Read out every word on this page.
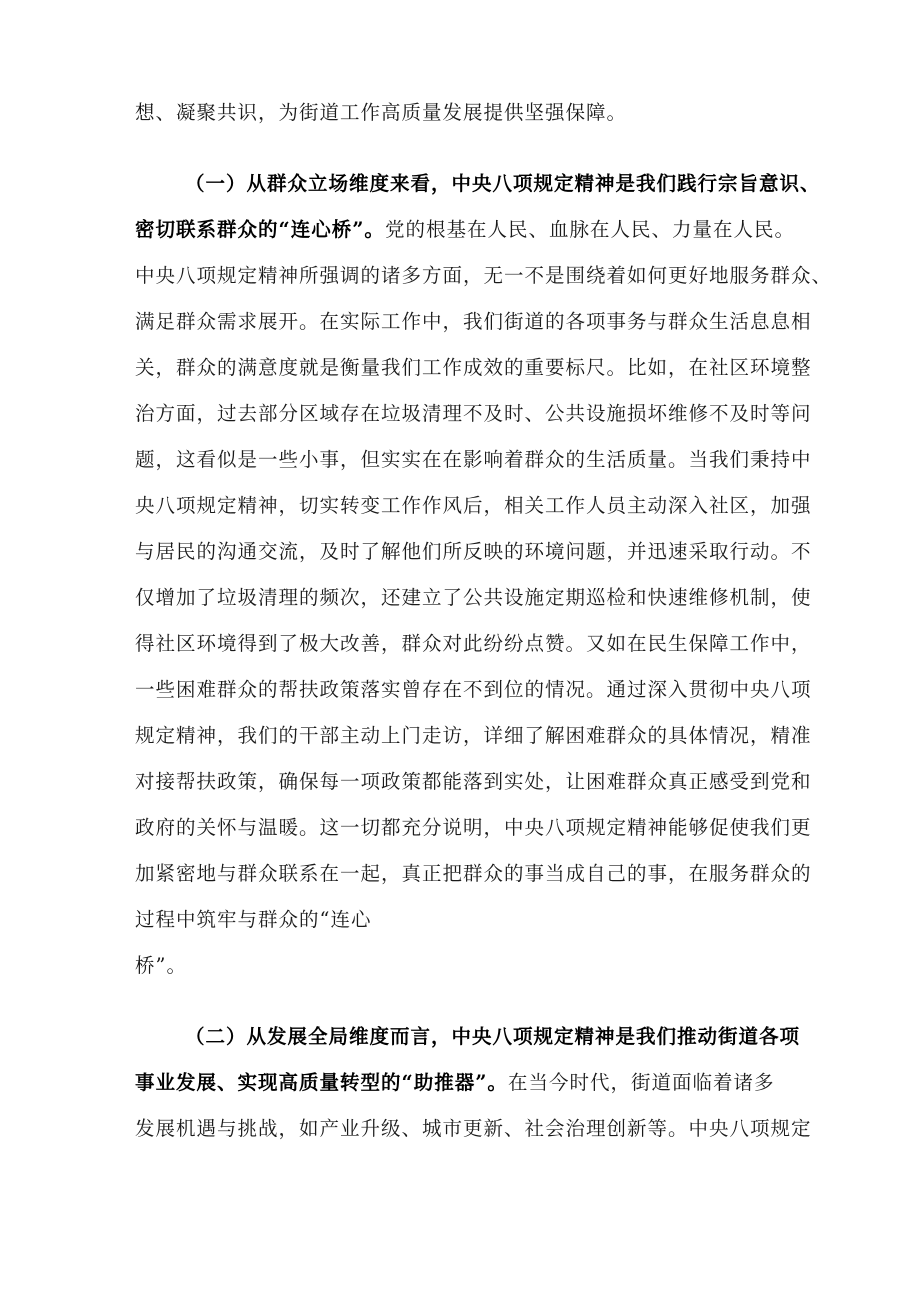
想、凝聚共识，为街道工作高质量发展提供坚强保障。
（一）从群众立场维度来看，中央八项规定精神是我们践行宗旨意识、
密切联系群众的“连心桥”。党的根基在人民、血脉在人民、力量在人民。
中央八项规定精神所强调的诸多方面，无一不是围绕着如何更好地服务群众、
满足群众需求展开。在实际工作中，我们街道的各项事务与群众生活息息相
关，群众的满意度就是衡量我们工作成效的重要标尺。比如，在社区环境整
治方面，过去部分区域存在垃圾清理不及时、公共设施损坏维修不及时等问
题，这看似是一些小事，但实实在在影响着群众的生活质量。当我们秉持中
央八项规定精神，切实转变工作作风后，相关工作人员主动深入社区，加强
与居民的沟通交流，及时了解他们所反映的环境问题，并迅速采取行动。不
仅增加了垃圾清理的频次，还建立了公共设施定期巡检和快速维修机制，使
得社区环境得到了极大改善，群众对此纷纷点赞。又如在民生保障工作中，
一些困难群众的帮扶政策落实曾存在不到位的情况。通过深入贯彻中央八项
规定精神，我们的干部主动上门走访，详细了解困难群众的具体情况，精准
对接帮扶政策，确保每一项政策都能落到实处，让困难群众真正感受到党和
政府的关怀与温暖。这一切都充分说明，中央八项规定精神能够促使我们更
加紧密地与群众联系在一起，真正把群众的事当成自己的事，在服务群众的
过程中筑牢与群众的“连心
桥”。
（二）从发展全局维度而言，中央八项规定精神是我们推动街道各项
事业发展、实现高质量转型的“助推器”。在当今时代，街道面临着诸多
发展机遇与挑战，如产业升级、城市更新、社会治理创新等。中央八项规定
